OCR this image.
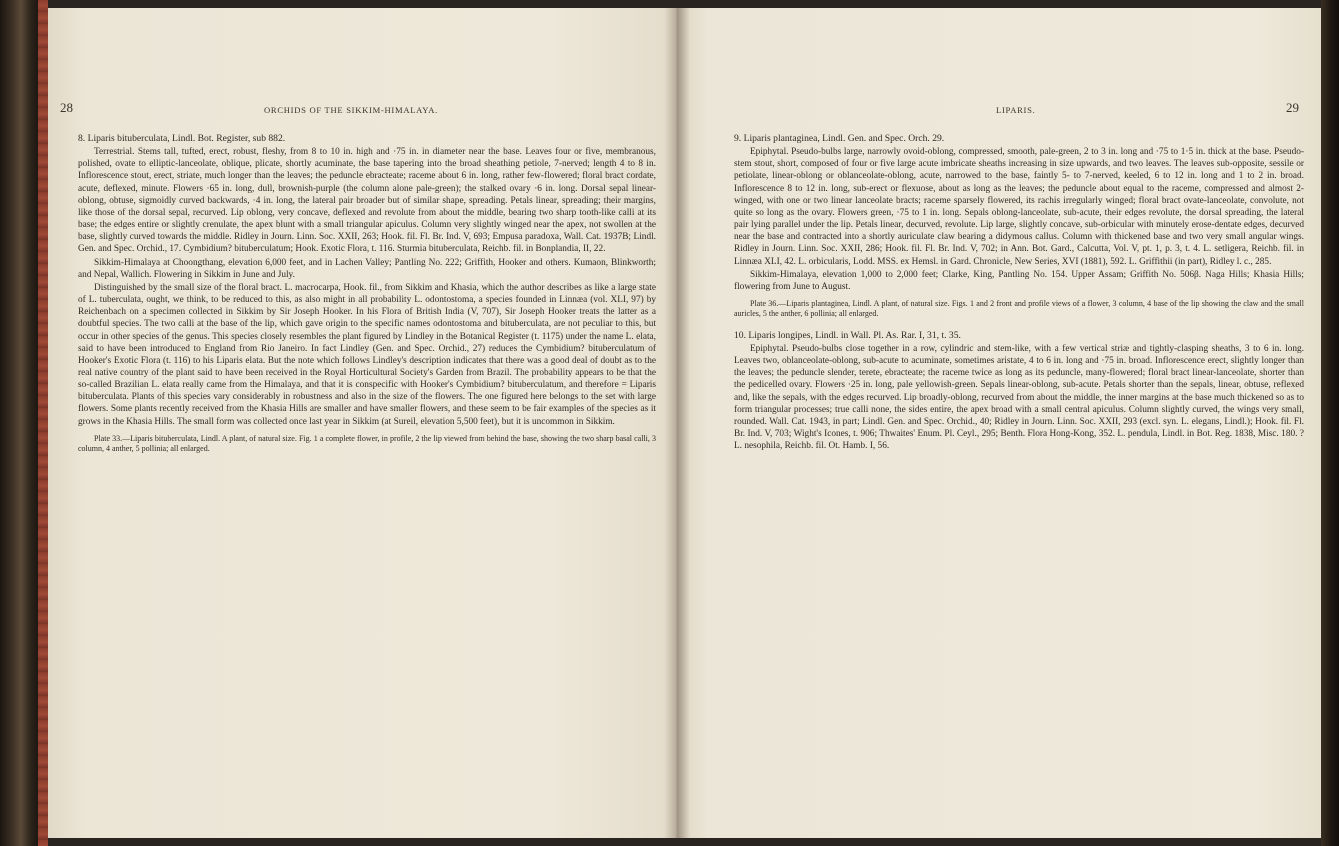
28	ORCHIDS OF THE SIKKIM-HIMALAYA.

8. Liparis bituberculata, Lindl. Bot. Register, sub 882.

Terrestrial. Stems tall, tufted, erect, robust, fleshy, from 8 to 10 in. high and ·75 in. in diameter near the base. Leaves four or five, membranous, polished, ovate to elliptic-lanceolate, oblique, plicate, shortly acuminate, the base tapering into the broad sheathing petiole, 7-nerved; length 4 to 8 in. Inflorescence stout, erect, striate, much longer than the leaves; the peduncle ebracteate; raceme about 6 in. long, rather few-flowered; floral bract cordate, acute, deflexed, minute. Flowers ·65 in. long, dull, brownish-purple (the column alone pale-green); the stalked ovary ·6 in. long. Dorsal sepal linear-oblong, obtuse, sigmoidly curved backwards, ·4 in. long, the lateral pair broader but of similar shape, spreading. Petals linear, spreading; their margins, like those of the dorsal sepal, recurved. Lip oblong, very concave, deflexed and revolute from about the middle, bearing two sharp tooth-like calli at its base; the edges entire or slightly crenulate, the apex blunt with a small triangular apiculus. Column very slightly winged near the apex, not swollen at the base, slightly curved towards the middle. Ridley in Journ. Linn. Soc. XXII, 263; Hook. fil. Fl. Br. Ind. V, 693; Empusa paradoxa, Wall. Cat. 1937B; Lindl. Gen. and Spec. Orchid., 17. Cymbidium? bituberculatum; Hook. Exotic Flora, t. 116. Sturmia bituberculata, Reichb. fil. in Bonplandia, II, 22.

Sikkim-Himalaya at Choongthang, elevation 6,000 feet, and in Lachen Valley; Pantling No. 222; Griffith, Hooker and others. Kumaon, Blinkworth; and Nepal, Wallich. Flowering in Sikkim in June and July.

Distinguished by the small size of the floral bract. L. macrocarpa, Hook. fil., from Sikkim and Khasia, which the author describes as like a large state of L. tuberculata, ought, we think, to be reduced to this, as also might in all probability L. odontostoma, a species founded in Linnæa (vol. XLI, 97) by Reichenbach on a specimen collected in Sikkim by Sir Joseph Hooker. In his Flora of British India (V, 707), Sir Joseph Hooker treats the latter as a doubtful species. The two calli at the base of the lip, which gave origin to the specific names odontostoma and bituberculata, are not peculiar to this, but occur in other species of the genus. This species closely resembles the plant figured by Lindley in the Botanical Register (t. 1175) under the name L. elata, said to have been introduced to England from Rio Janeiro. In fact Lindley (Gen. and Spec. Orchid., 27) reduces the Cymbidium? bituberculatum of Hooker's Exotic Flora (t. 116) to his Liparis elata. But the note which follows Lindley's description indicates that there was a good deal of doubt as to the real native country of the plant said to have been received in the Royal Horticultural Society's Garden from Brazil. The probability appears to be that the so-called Brazilian L. elata really came from the Himalaya, and that it is conspecific with Hooker's Cymbidium? bituberculatum, and therefore = Liparis bituberculata. Plants of this species vary considerably in robustness and also in the size of the flowers. The one figured here belongs to the set with large flowers. Some plants recently received from the Khasia Hills are smaller and have smaller flowers, and these seem to be fair examples of the species as it grows in the Khasia Hills. The small form was collected once last year in Sikkim (at Sureil, elevation 5,500 feet), but it is uncommon in Sikkim.

Plate 33.—Liparis bituberculata, Lindl. A plant, of natural size. Fig. 1 a complete flower, in profile, 2 the lip viewed from behind the base, showing the two sharp basal calli, 3 column, 4 anther, 5 pollinia; all enlarged.

LIPARIS.	29

9. Liparis plantaginea, Lindl. Gen. and Spec. Orch. 29.

Epiphytal. Pseudo-bulbs large, narrowly ovoid-oblong, compressed, smooth, pale-green, 2 to 3 in. long and ·75 to 1·5 in. thick at the base. Pseudo-stem stout, short, composed of four or five large acute imbricate sheaths increasing in size upwards, and two leaves. The leaves sub-opposite, sessile or petiolate, linear-oblong or oblanceolate-oblong, acute, narrowed to the base, faintly 5- to 7-nerved, keeled, 6 to 12 in. long and 1 to 2 in. broad. Inflorescence 8 to 12 in. long, sub-erect or flexuose, about as long as the leaves; the peduncle about equal to the raceme, compressed and almost 2-winged, with one or two linear lanceolate bracts; raceme sparsely flowered, its rachis irregularly winged; floral bract ovate-lanceolate, convolute, not quite so long as the ovary. Flowers green, ·75 to 1 in. long. Sepals oblong-lanceolate, sub-acute, their edges revolute, the dorsal spreading, the lateral pair lying parallel under the lip. Petals linear, decurved, revolute. Lip large, slightly concave, sub-orbicular with minutely erose-dentate edges, decurved near the base and contracted into a shortly auriculate claw bearing a didymous callus. Column with thickened base and two very small angular wings. Ridley in Journ. Linn. Soc. XXII, 286; Hook. fil. Fl. Br. Ind. V, 702; in Ann. Bot. Gard., Calcutta, Vol. V, pt. 1, p. 3, t. 4. L. setligera, Reichb. fil. in Linnæa XLI, 42. L. orbicularis, Lodd. MSS. ex Hemsl. in Gard. Chronicle, New Series, XVI (1881), 592. L. Griffithii (in part), Ridley l. c., 285.

Sikkim-Himalaya, elevation 1,000 to 2,000 feet; Clarke, King, Pantling No. 154. Upper Assam; Griffith No. 506β. Naga Hills; Khasia Hills; flowering from June to August.

Plate 36.—Liparis plantaginea, Lindl. A plant, of natural size. Figs. 1 and 2 front and profile views of a flower, 3 column, 4 base of the lip showing the claw and the small auricles, 5 the anther, 6 pollinia; all enlarged.

10. Liparis longipes, Lindl. in Wall. Pl. As. Rar. I, 31, t. 35.

Epiphytal. Pseudo-bulbs close together in a row, cylindric and stem-like, with a few vertical striæ and tightly-clasping sheaths, 3 to 6 in. long. Leaves two, oblanceolate-oblong, sub-acute to acuminate, sometimes aristate, 4 to 6 in. long and ·75 in. broad. Inflorescence erect, slightly longer than the leaves; the peduncle slender, terete, ebracteate; the raceme twice as long as its peduncle, many-flowered; floral bract linear-lanceolate, shorter than the pedicelled ovary. Flowers ·25 in. long, pale yellowish-green. Sepals linear-oblong, sub-acute. Petals shorter than the sepals, linear, obtuse, reflexed and, like the sepals, with the edges recurved. Lip broadly-oblong, recurved from about the middle, the inner margins at the base much thickened so as to form triangular processes; true calli none, the sides entire, the apex broad with a small central apiculus. Column slightly curved, the wings very small, rounded. Wall. Cat. 1943, in part; Lindl. Gen. and Spec. Orchid., 40; Ridley in Journ. Linn. Soc. XXII, 293 (excl. syn. L. elegans, Lindl.); Hook. fil. Fl. Br. Ind. V, 703; Wight's Icones, t. 906; Thwaites' Enum. Pl. Ceyl., 295; Benth. Flora Hong-Kong, 352. L. pendula, Lindl. in Bot. Reg. 1838, Misc. 180. ? L. nesophila, Reichb. fil. Ot. Hamb. I, 56.
